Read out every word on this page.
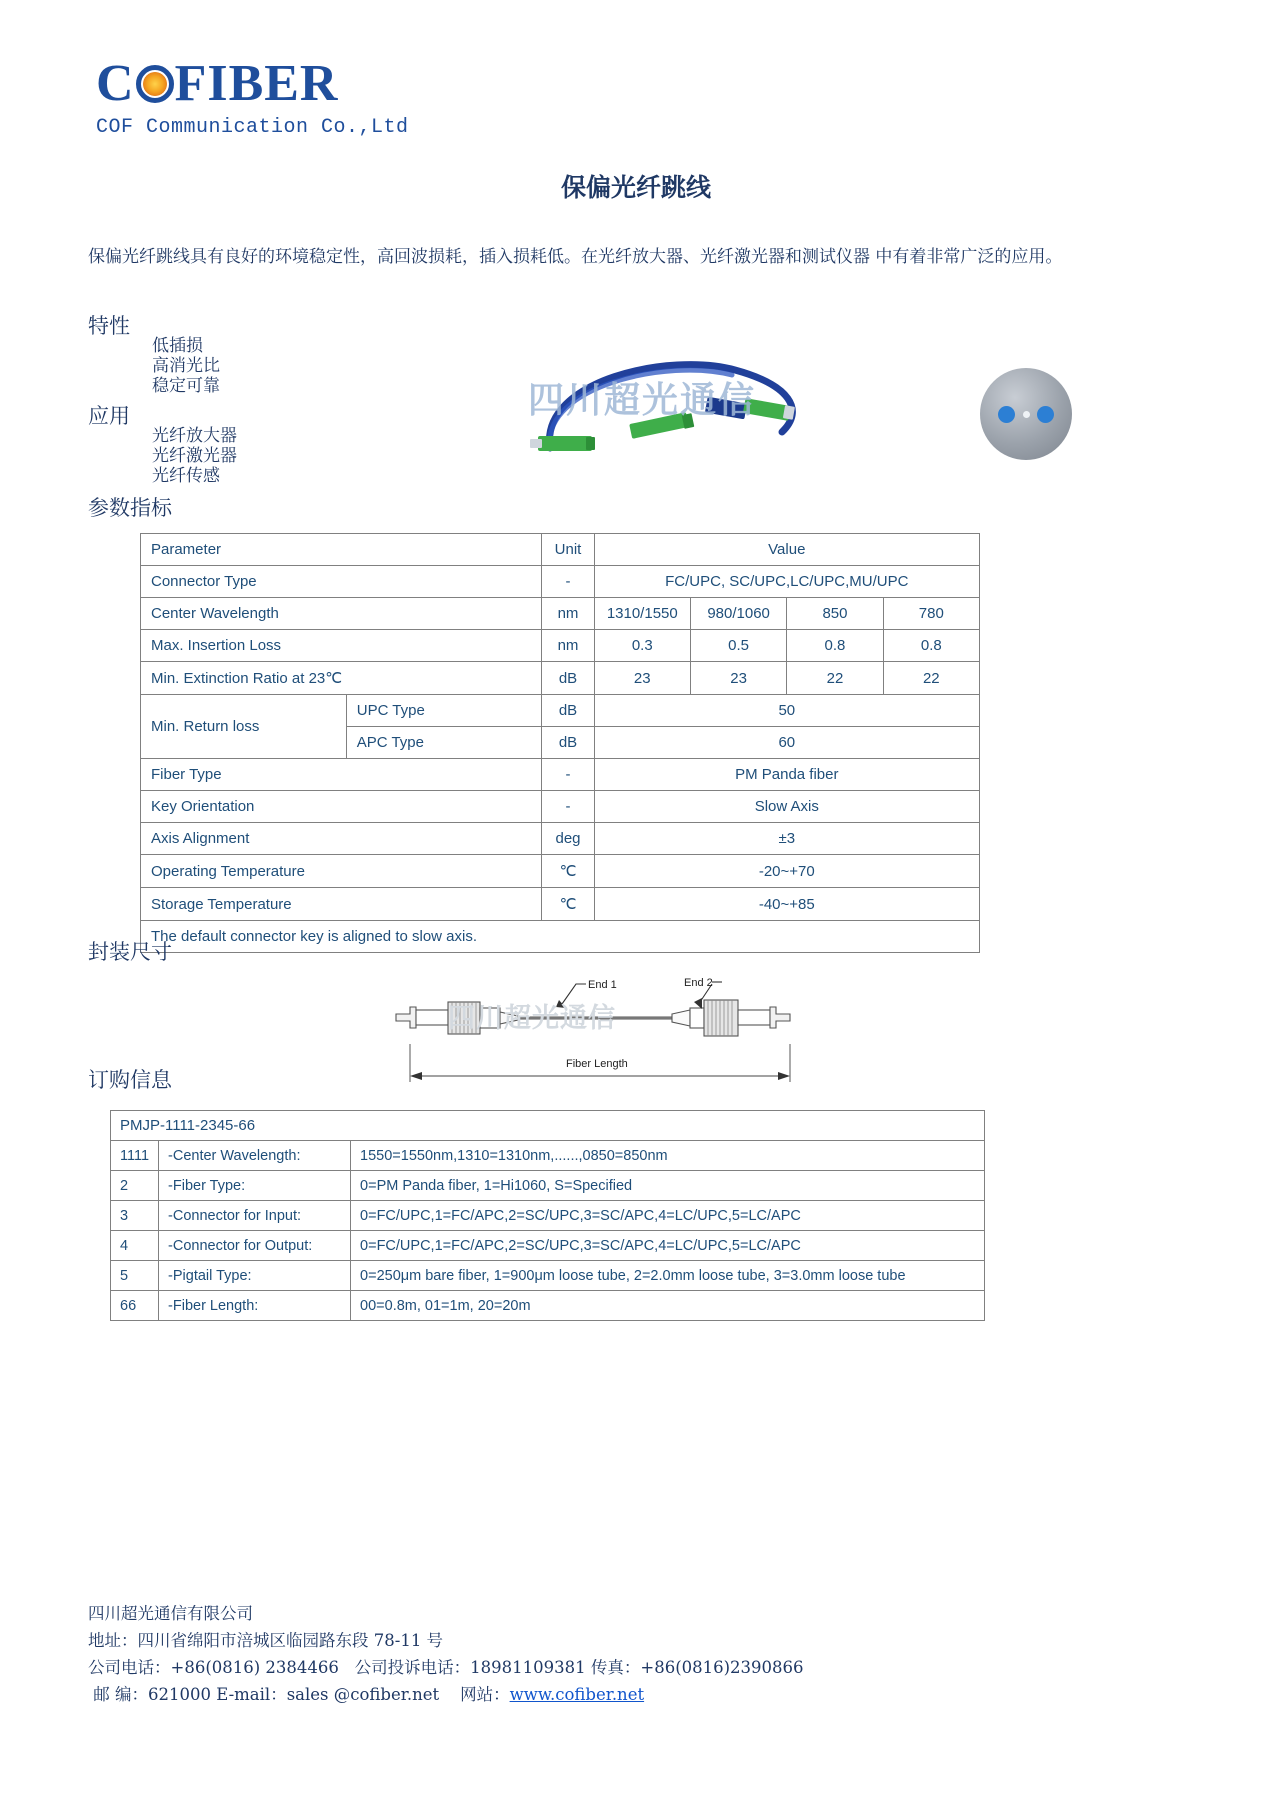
C FIBER
COF Communication Co.,Ltd
保偏光纤跳线
保偏光纤跳线具有良好的环境稳定性，高回波损耗，插入损耗低。在光纤放大器、光纤激光器和测试仪器 中有着非常广泛的应用。
特性
低插损
高消光比
稳定可靠
应用
光纤放大器
光纤激光器
光纤传感
四川超光通信
参数指标
Parameter		Unit	Value			
Connector Type		-	FC/UPC, SC/UPC,LC/UPC,MU/UPC			
Center Wavelength		nm	1310/1550	980/1060	850	780
Max. Insertion Loss		nm	0.3	0.5	0.8	0.8
Min. Extinction Ratio at 23℃		dB	23	23	22	22
Min. Return loss	UPC Type	dB	50			
	APC Type	dB	60			
Fiber Type		-	PM Panda fiber			
Key Orientation		-	Slow Axis			
Axis Alignment		deg	±3			
Operating Temperature		℃	-20~+70			
Storage Temperature		℃	-40~+85			
The default connector key is aligned to slow axis.						
封装尺寸
End 1	End 2
Fiber Length
四川超光通信
订购信息
PMJP-1111-2345-66		
1111	-Center Wavelength:	1550=1550nm,1310=1310nm,......,0850=850nm
2	-Fiber Type:	0=PM Panda fiber, 1=Hi1060, S=Specified
3	-Connector for Input:	0=FC/UPC,1=FC/APC,2=SC/UPC,3=SC/APC,4=LC/UPC,5=LC/APC
4	-Connector for Output:	0=FC/UPC,1=FC/APC,2=SC/UPC,3=SC/APC,4=LC/UPC,5=LC/APC
5	-Pigtail Type:	0=250μm bare fiber, 1=900μm loose tube, 2=2.0mm loose tube, 3=3.0mm loose tube
66	-Fiber Length:	00=0.8m, 01=1m, 20=20m
四川超光通信有限公司
地址：四川省绵阳市涪城区临园路东段 78-11 号
公司电话：+86(0816) 2384466   公司投诉电话：18981109381 传真：+86(0816)2390866
邮 编：621000 E-mail：sales @cofiber.net    网站：www.cofiber.net
